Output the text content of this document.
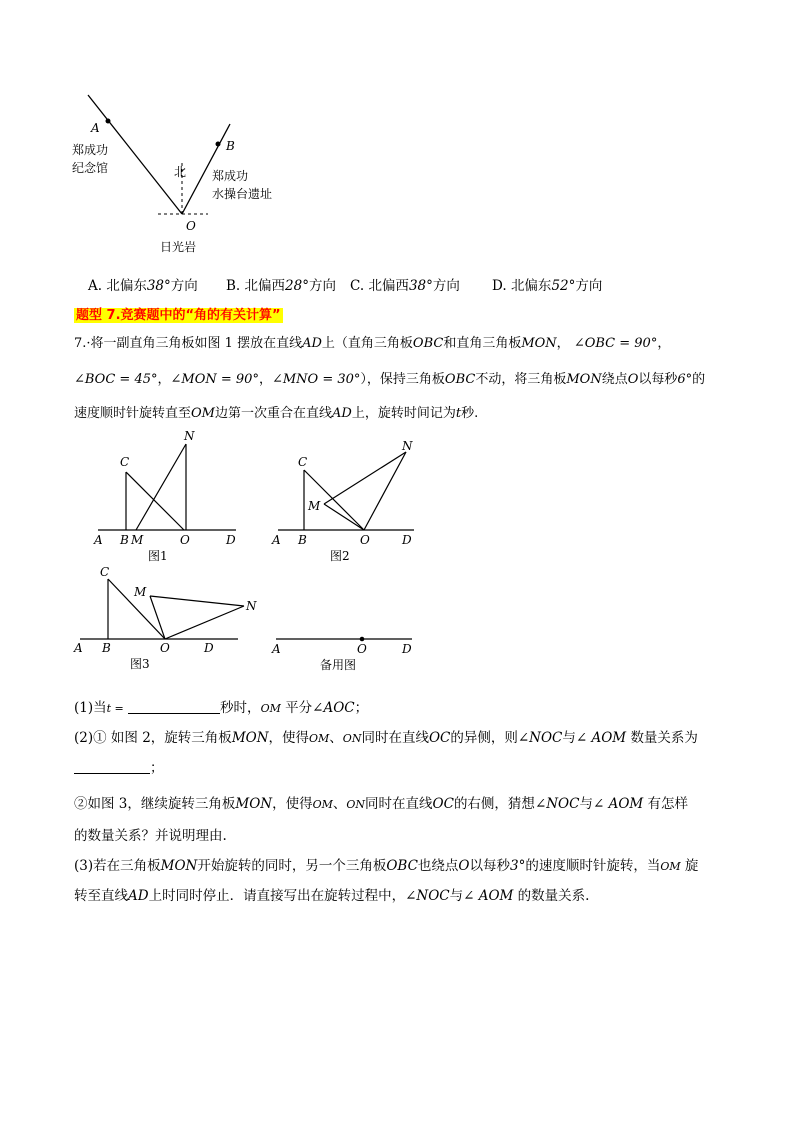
A
B
O
北
郑成功
纪念馆
郑成功
水操台遗址
日光岩
A. 北偏东38°方向 B. 北偏西28°方向 C. 北偏西38°方向 D. 北偏东52°方向
题型 7.竞赛题中的“角的有关计算”
7.·将一副直角三角板如图 1 摆放在直线AD上（直角三角板OBC和直角三角板MON， ∠OBC = 90°，
∠BOC = 45°，∠MON = 90°，∠MNO = 30°），保持三角板OBC不动，将三角板MON绕点O以每秒6°的
速度顺时针旋转直至OM边第一次重合在直线AD上，旋转时间记为t秒.
C
N
A B M	O	D
图1
C
N
M
A B	O	D
图2
C
M
N
A B	O	D
图3
A	O	D
备用图
(1)当t =	秒时，OM 平分∠AOC；
(2)① 如图 2，旋转三角板MON，使得OM、ON同时在直线OC的异侧，则∠NOC与∠ AOM 数量关系为
；
②如图 3，继续旋转三角板MON，使得OM、ON同时在直线OC的右侧，猜想∠NOC与∠ AOM 有怎样
的数量关系？并说明理由.
(3)若在三角板MON开始旋转的同时，另一个三角板OBC也绕点O以每秒3°的速度顺时针旋转，当OM 旋
转至直线AD上时同时停止．请直接写出在旋转过程中，∠NOC与∠ AOM 的数量关系.
